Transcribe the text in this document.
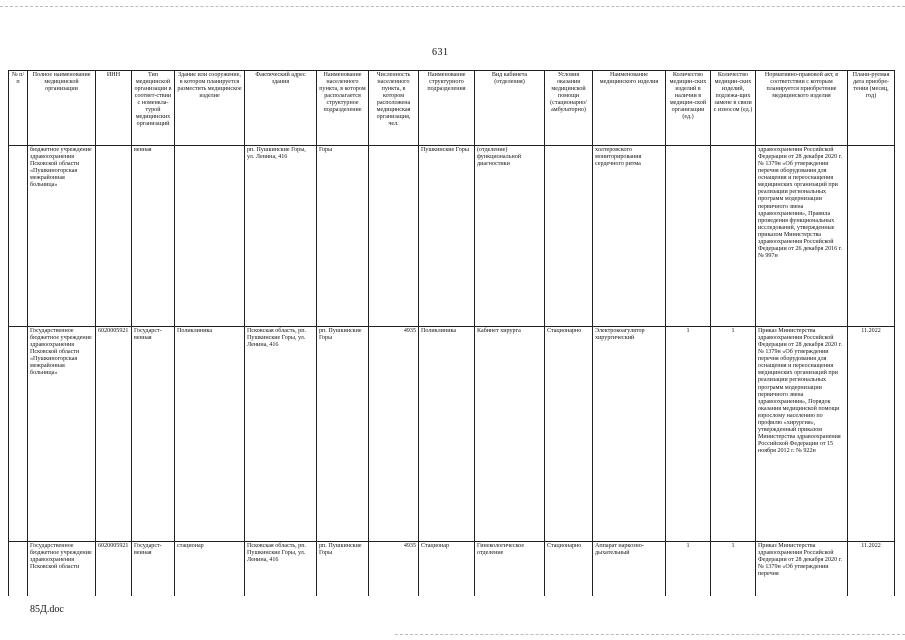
631
№ п/п	Полное наименование медицинской организации	ИНН	Тип медицинской организации в соответ-ствии с номенкла-турой медицинских организаций	Здание или сооружение, в котором планируется разместить медицинское изделие	Фактический адрес здания	Наименование населенного пункта, в котором располагается структурное подразделение	Численность населенного пункта, в котором расположена медицинская организация, чел.	Наименование структурного подразделения	Вид кабинета (отделения)	Условия оказания медицинской помощи (стационарно/ амбулаторно)	Наименование медицинского изделия	Количество медицин-ских изделий в наличии в медицин-ской организации (ед.)	Количество медицин-ских изделий, подлежа-щих замене в связи с износом (ед.)	Нормативно-правовой акт, в соответствии с которым планируется приобретение медицинского изделия	Плани-руемая дата приобре-тения (месяц, год)
	бюджетное учреждение здравоохранения Псковской области «Пушкиногорская межрайонная больница»		венная		рп. Пушкинские Горы, ул. Ленина, 416	Горы		Пушкинские Горы	(отделение) функциональной диагностики		холтеровского мониторирования сердечного ритма			здравоохранения Российской Федерации от 28 декабря 2020 г. № 1379н «Об утверждении перечня оборудования для оснащения и переоснащения медицинских организаций при реализации региональных программ модернизации первичного звена здравоохранения», Правила проведения функциональных исследований, утвержденные приказом Министерства здравоохранения Российской Федерации от 26 декабря 2016 г. № 997н	
	Государственное бюджетное учреждение здравоохранения Псковской области «Пушкиногорская межрайонная больница»	6020005921	Государст-венная	Поликлиника	Псковская область, рп. Пушкинские Горы, ул. Ленина, 416	рп. Пушкинские Горы	4935	Поликлиника	Кабинет хирурга	Стационарно	Электрокоагулятор хирургический	1	1	Приказ Министерства здравоохранения Российской Федерации от 28 декабря 2020 г. № 1379н «Об утверждении перечня оборудования для оснащения и переоснащения медицинских организаций при реализации региональных программ модернизации первичного звена здравоохранения», Порядок оказания медицинской помощи взрослому населению по профилю «хирургия», утвержденный приказом Министерства здравоохранения Российской Федерации от 15 ноября 2012 г. № 922н	11.2022
	Государственное бюджетное учреждение здравоохранения Псковской области	6020005921	Государст-венная	стационар	Псковская область, рп. Пушкинские Горы, ул. Ленина, 416	рп. Пушкинские Горы	4935	Стационар	Гинекологическое отделение	Стационарно	Аппарат наркозно-дыхательный	1	1	Приказ Министерства здравоохранения Российской Федерации от 28 декабря 2020 г. № 1379н «Об утверждении перечня	11.2022
85Д.doc
